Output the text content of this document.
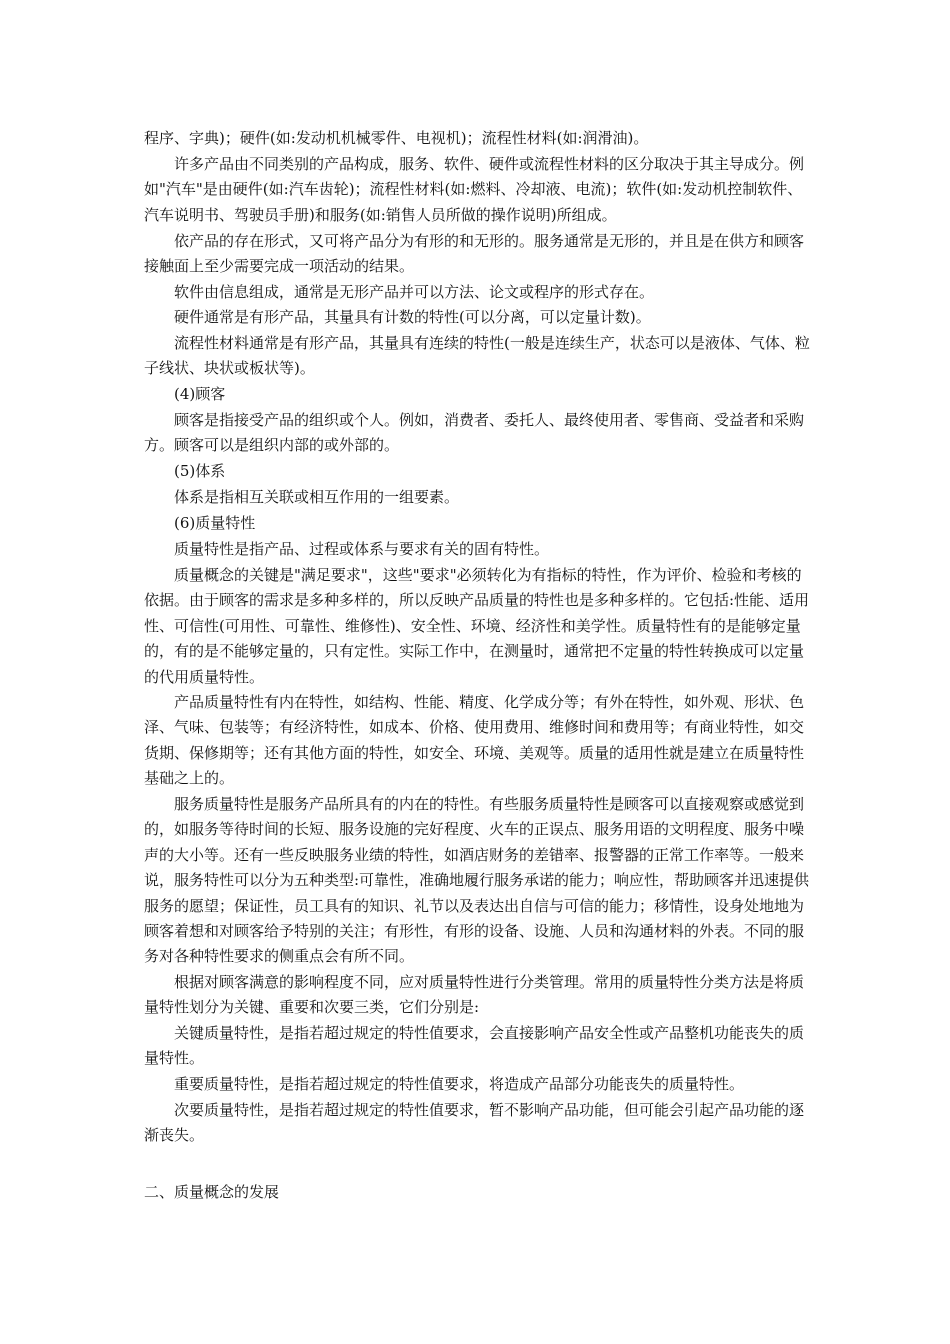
程序、字典)；硬件(如:发动机机械零件、电视机)；流程性材料(如:润滑油)。

许多产品由不同类别的产品构成，服务、软件、硬件或流程性材料的区分取决于其主导成分。例如"汽车"是由硬件(如:汽车齿轮)；流程性材料(如:燃料、冷却液、电流)；软件(如:发动机控制软件、汽车说明书、驾驶员手册)和服务(如:销售人员所做的操作说明)所组成。

依产品的存在形式，又可将产品分为有形的和无形的。服务通常是无形的，并且是在供方和顾客接触面上至少需要完成一项活动的结果。

软件由信息组成，通常是无形产品并可以方法、论文或程序的形式存在。

硬件通常是有形产品，其量具有计数的特性(可以分离，可以定量计数)。

流程性材料通常是有形产品，其量具有连续的特性(一般是连续生产，状态可以是液体、气体、粒子线状、块状或板状等)。

(4)顾客

顾客是指接受产品的组织或个人。例如，消费者、委托人、最终使用者、零售商、受益者和采购方。顾客可以是组织内部的或外部的。

(5)体系

体系是指相互关联或相互作用的一组要素。

(6)质量特性

质量特性是指产品、过程或体系与要求有关的固有特性。

质量概念的关键是"满足要求"，这些"要求"必须转化为有指标的特性，作为评价、检验和考核的依据。由于顾客的需求是多种多样的，所以反映产品质量的特性也是多种多样的。它包括:性能、适用性、可信性(可用性、可靠性、维修性)、安全性、环境、经济性和美学性。质量特性有的是能够定量的，有的是不能够定量的，只有定性。实际工作中，在测量时，通常把不定量的特性转换成可以定量的代用质量特性。

产品质量特性有内在特性，如结构、性能、精度、化学成分等；有外在特性，如外观、形状、色泽、气味、包装等；有经济特性，如成本、价格、使用费用、维修时间和费用等；有商业特性，如交货期、保修期等；还有其他方面的特性，如安全、环境、美观等。质量的适用性就是建立在质量特性基础之上的。

服务质量特性是服务产品所具有的内在的特性。有些服务质量特性是顾客可以直接观察或感觉到的，如服务等待时间的长短、服务设施的完好程度、火车的正误点、服务用语的文明程度、服务中噪声的大小等。还有一些反映服务业绩的特性，如酒店财务的差错率、报警器的正常工作率等。一般来说，服务特性可以分为五种类型:可靠性，准确地履行服务承诺的能力；响应性，帮助顾客并迅速提供服务的愿望；保证性，员工具有的知识、礼节以及表达出自信与可信的能力；移情性，设身处地地为顾客着想和对顾客给予特别的关注；有形性，有形的设备、设施、人员和沟通材料的外表。不同的服务对各种特性要求的侧重点会有所不同。

根据对顾客满意的影响程度不同，应对质量特性进行分类管理。常用的质量特性分类方法是将质量特性划分为关键、重要和次要三类，它们分别是:

关键质量特性，是指若超过规定的特性值要求，会直接影响产品安全性或产品整机功能丧失的质量特性。

重要质量特性，是指若超过规定的特性值要求，将造成产品部分功能丧失的质量特性。

次要质量特性，是指若超过规定的特性值要求，暂不影响产品功能，但可能会引起产品功能的逐渐丧失。

二、质量概念的发展
